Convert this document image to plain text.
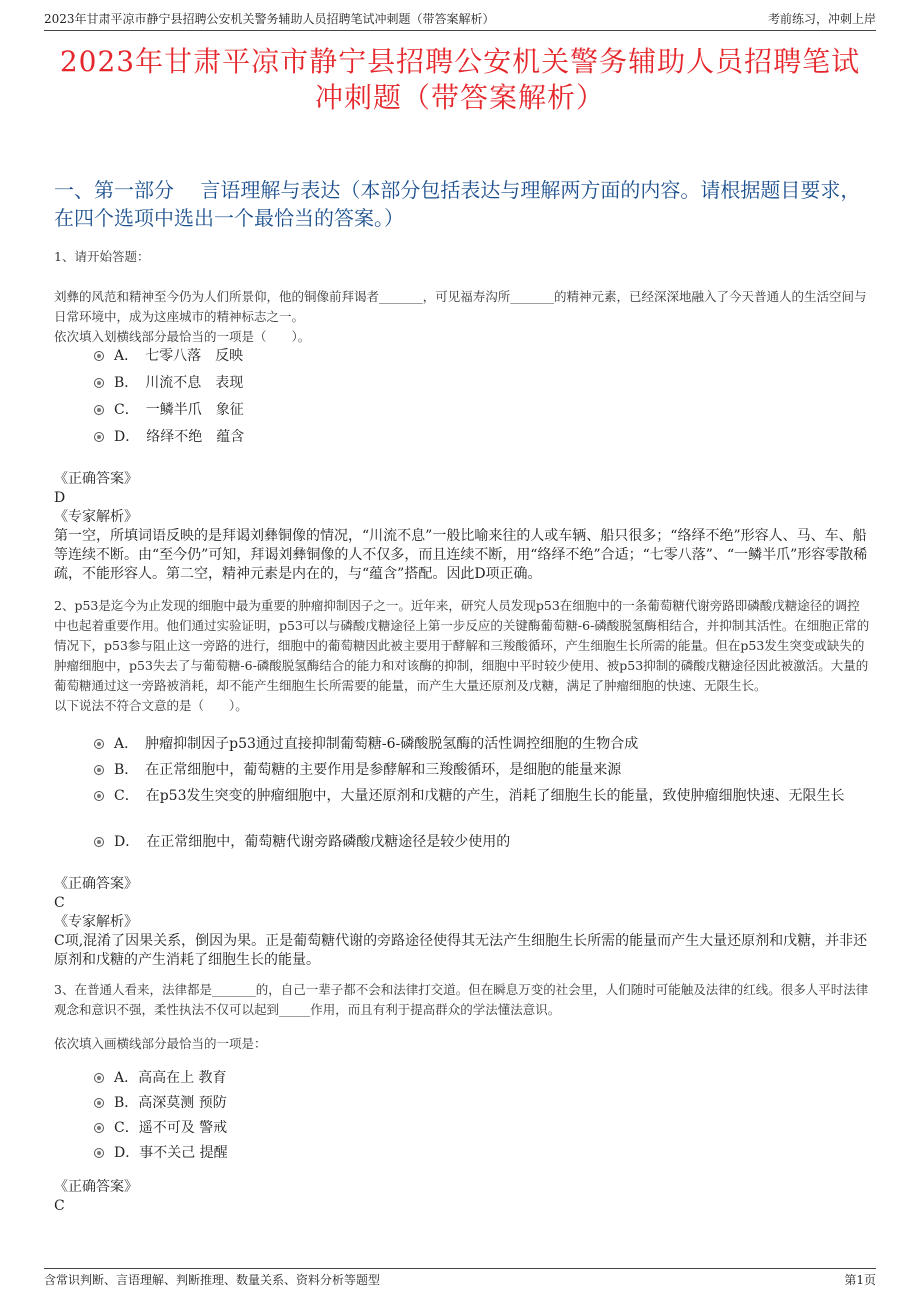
2023年甘肃平凉市静宁县招聘公安机关警务辅助人员招聘笔试冲刺题（带答案解析）	考前练习，冲刺上岸
2023年甘肃平凉市静宁县招聘公安机关警务辅助人员招聘笔试
冲刺题（带答案解析）
一、第一部分　 言语理解与表达（本部分包括表达与理解两方面的内容。请根据题目要求，在四个选项中选出一个最恰当的答案。）

1、请开始答题：

刘彝的风范和精神至今仍为人们所景仰，他的铜像前拜谒者_______，可见福寿沟所_______的精神元素，已经深深地融入了今天普通人的生活空间与日常环境中，成为这座城市的精神标志之一。

依次填入划横线部分最恰当的一项是（　　）。

A．　七零八落　反映
B．　川流不息　表现
C．　一鳞半爪　象征
D．　络绎不绝　蕴含

《正确答案》

D

《专家解析》

第一空，所填词语反映的是拜谒刘彝铜像的情况，“川流不息”一般比喻来往的人或车辆、船只很多；“络绎不绝”形容人、马、车、船等连续不断。由“至今仍”可知，拜谒刘彝铜像的人不仅多，而且连续不断，用“络绎不绝”合适；“七零八落”、“一鳞半爪”形容零散稀疏，不能形容人。第二空，精神元素是内在的，与“蕴含”搭配。因此D项正确。

2、p53是迄今为止发现的细胞中最为重要的肿瘤抑制因子之一。近年来，研究人员发现p53在细胞中的一条葡萄糖代谢旁路即磷酸戊糖途径的调控中也起着重要作用。他们通过实验证明，p53可以与磷酸戊糖途径上第一步反应的关键酶葡萄糖-6-磷酸脱氢酶相结合，并抑制其活性。在细胞正常的情况下，p53参与阻止这一旁路的进行，细胞中的葡萄糖因此被主要用于酵解和三羧酸循环，产生细胞生长所需的能量。但在p53发生突变或缺失的肿瘤细胞中，p53失去了与葡萄糖-6-磷酸脱氢酶结合的能力和对该酶的抑制，细胞中平时较少使用、被p53抑制的磷酸戊糖途径因此被激活。大量的葡萄糖通过这一旁路被消耗，却不能产生细胞生长所需要的能量，而产生大量还原剂及戊糖，满足了肿瘤细胞的快速、无限生长。

以下说法不符合文意的是（　　）。

A．　肿瘤抑制因子p53通过直接抑制葡萄糖-6-磷酸脱氢酶的活性调控细胞的生物合成
B．　在正常细胞中，葡萄糖的主要作用是参酵解和三羧酸循环，是细胞的能量来源
C．　在p53发生突变的肿瘤细胞中，大量还原剂和戊糖的产生，消耗了细胞生长的能量，致使肿瘤细胞快速、无限生长
D．　在正常细胞中，葡萄糖代谢旁路磷酸戊糖途径是较少使用的

《正确答案》

C

《专家解析》

C项,混淆了因果关系，倒因为果。正是葡萄糖代谢的旁路途径使得其无法产生细胞生长所需的能量而产生大量还原剂和戊糖，并非还原剂和戊糖的产生消耗了细胞生长的能量。

3、在普通人看来，法律都是_______的，自己一辈子都不会和法律打交道。但在瞬息万变的社会里，人们随时可能触及法律的红线。很多人平时法律观念和意识不强，柔性执法不仅可以起到_____作用，而且有利于提高群众的学法懂法意识。

依次填入画横线部分最恰当的一项是：

A．高高在上 教育
B．高深莫测 预防
C．遥不可及 警戒
D．事不关己 提醒

《正确答案》

C

含常识判断、言语理解、判断推理、数量关系、资料分析等题型	第1页
